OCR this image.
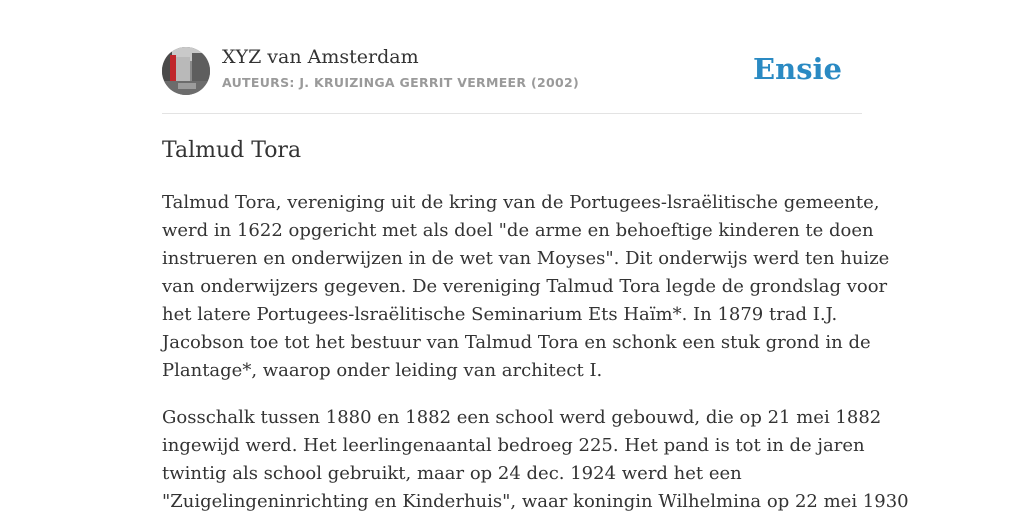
XYZ van Amsterdam
AUTEURS: J. KRUIZINGA GERRIT VERMEER (2002)	Ensie
Talmud Tora

Talmud Tora, vereniging uit de kring van de Portugees-lsraëlitische gemeente,
werd in 1622 opgericht met als doel "de arme en behoeftige kinderen te doen
instrueren en onderwijzen in de wet van Moyses". Dit onderwijs werd ten huize
van onderwijzers gegeven. De vereniging Talmud Tora legde de grondslag voor
het latere Portugees-lsraëlitische Seminarium Ets Haïm*. In 1879 trad I.J.
Jacobson toe tot het bestuur van Talmud Tora en schonk een stuk grond in de
Plantage*, waarop onder leiding van architect I.

Gosschalk tussen 1880 en 1882 een school werd gebouwd, die op 21 mei 1882
ingewijd werd. Het leerlingenaantal bedroeg 225. Het pand is tot in de jaren
twintig als school gebruikt, maar op 24 dec. 1924 werd het een
"Zuigelingeninrichting en Kinderhuis", waar koningin Wilhelmina op 22 mei 1930
